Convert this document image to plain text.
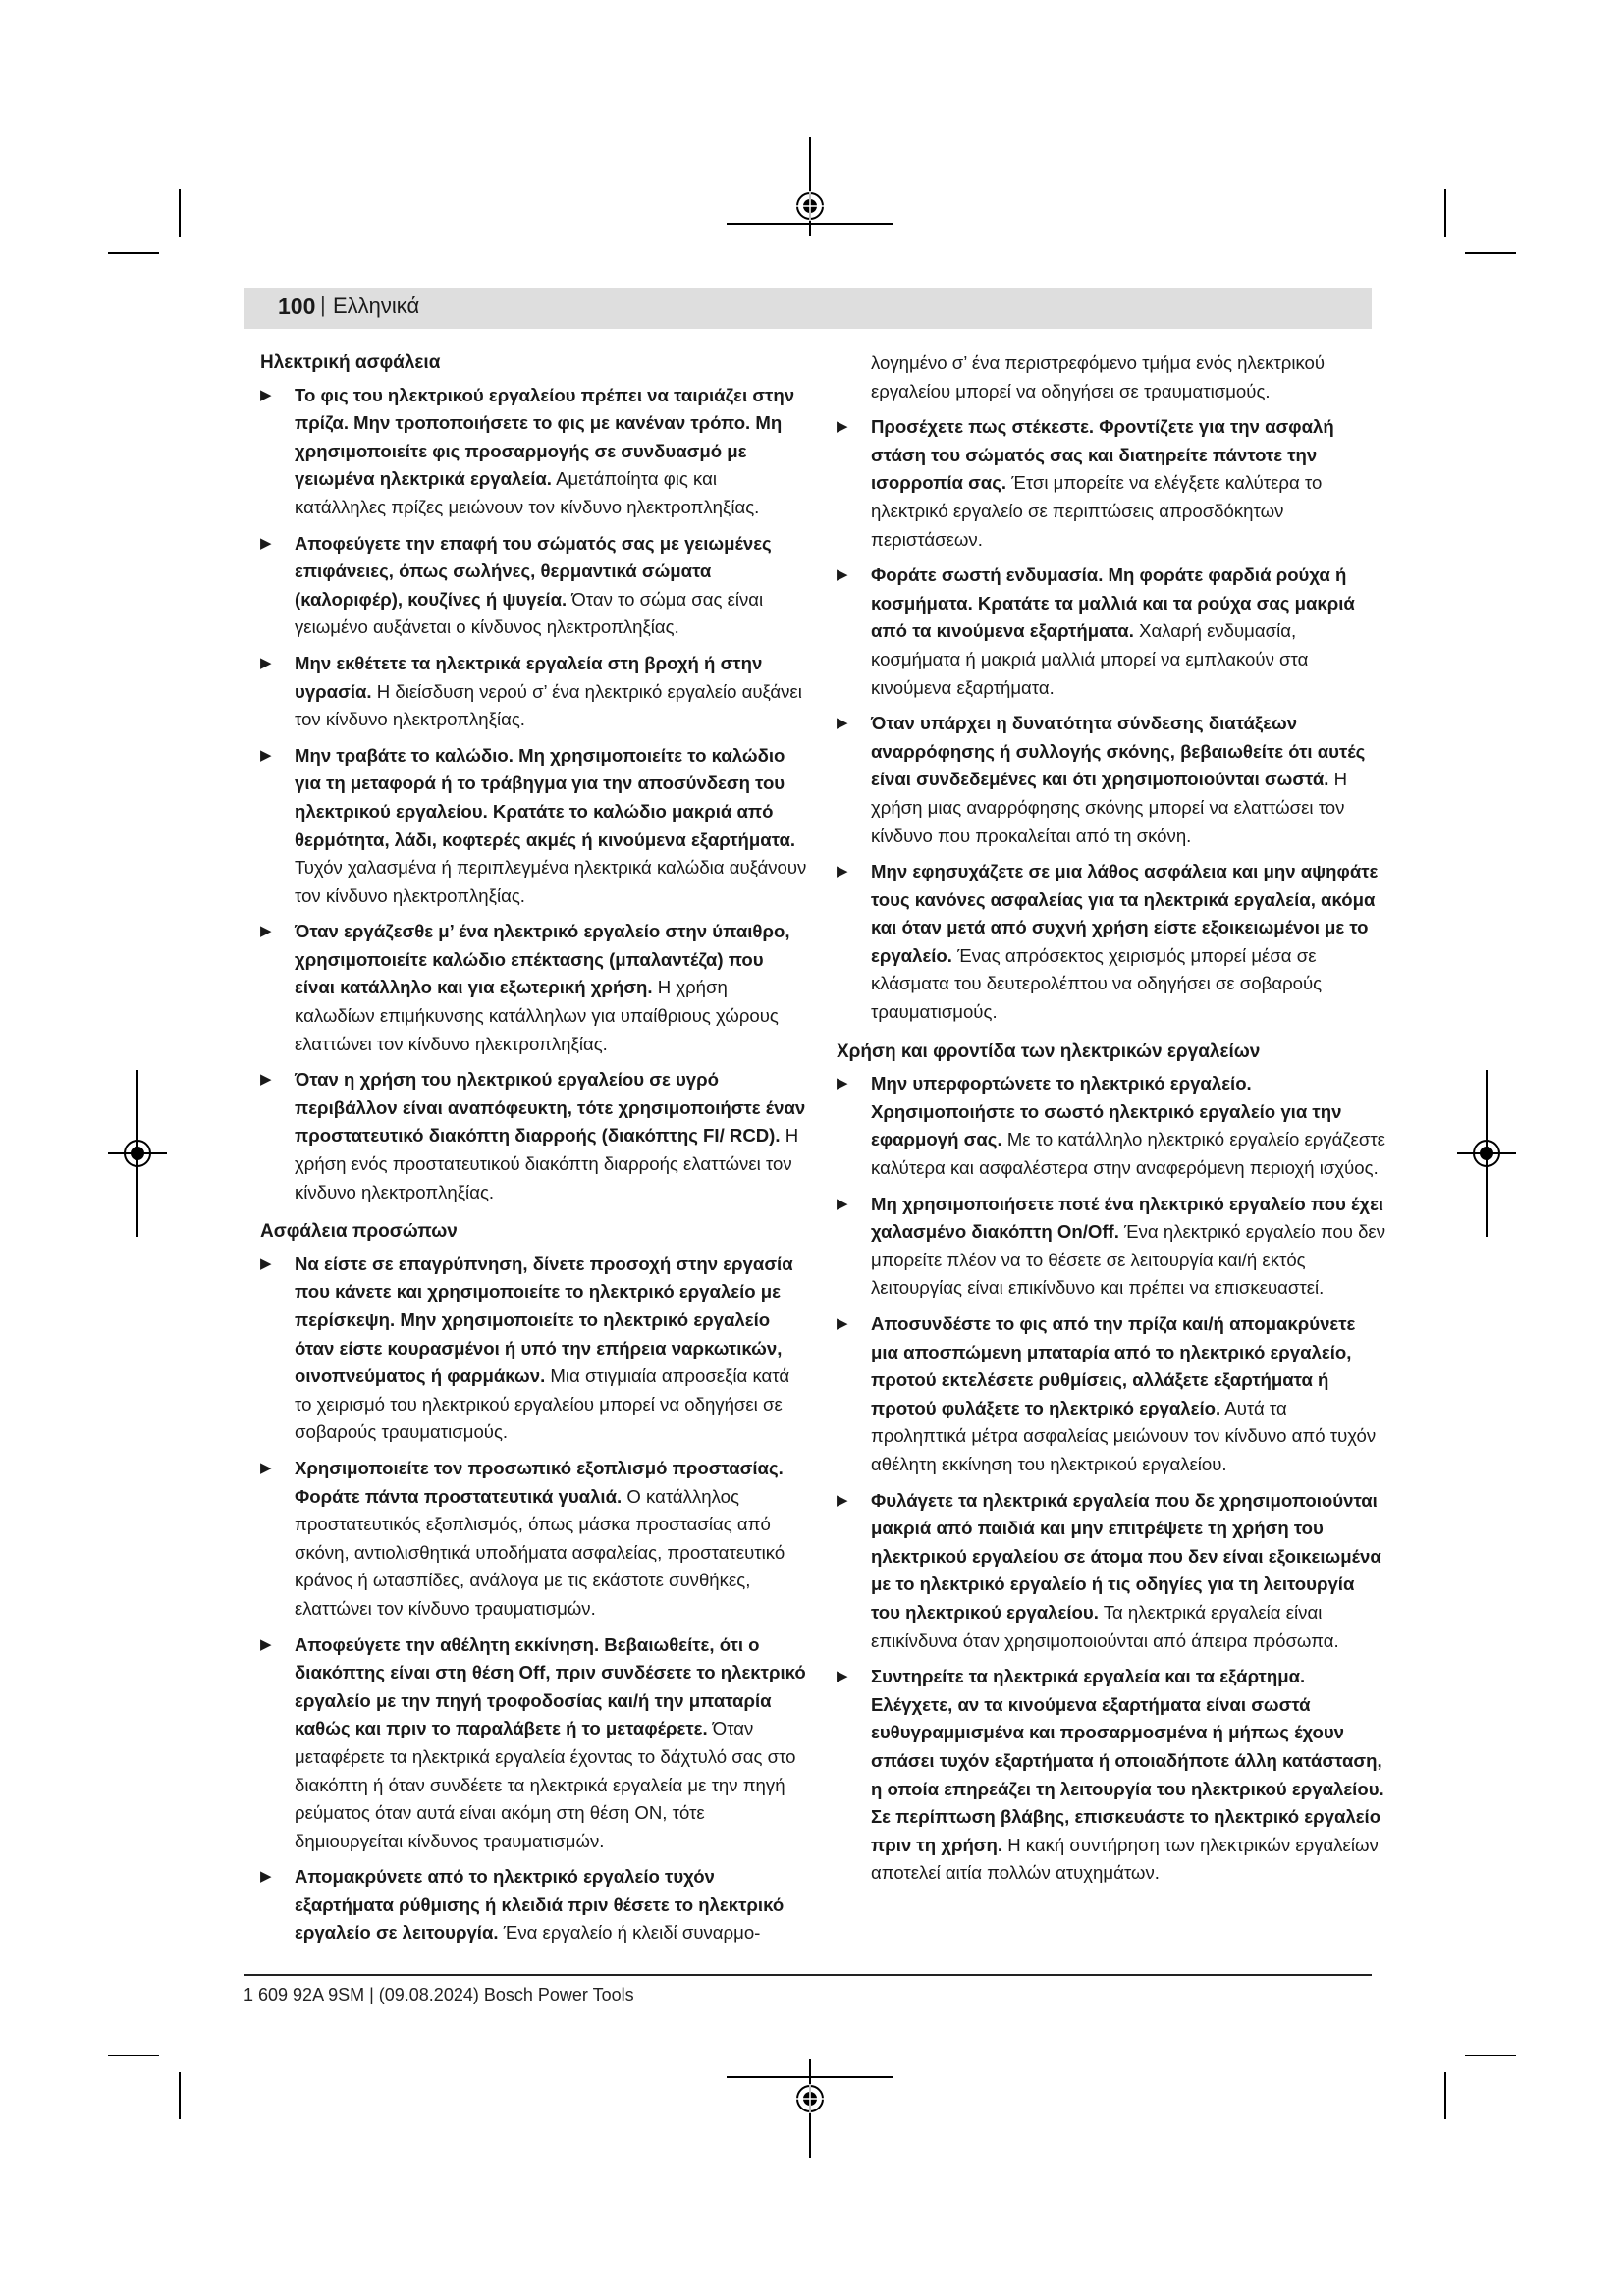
100 | Ελληνικά
Ηλεκτρική ασφάλεια
▶ Το φις του ηλεκτρικού εργαλείου πρέπει να ταιριάζει στην πρίζα. Μην τροποποιήσετε το φις με κανέναν τρόπο. Μη χρησιμοποιείτε φις προσαρμογής σε συνδυασμό με γειωμένα ηλεκτρικά εργαλεία. Αμετάποίητα φις και κατάλληλες πρίζες μειώνουν τον κίνδυνο ηλεκτροπληξίας.
▶ Αποφεύγετε την επαφή του σώματός σας με γειωμένες επιφάνειες, όπως σωλήνες, θερμαντικά σώματα (καλοριφέρ), κουζίνες ή ψυγεία. Όταν το σώμα σας είναι γειωμένο αυξάνεται ο κίνδυνος ηλεκτροπληξίας.
▶ Μην εκθέτετε τα ηλεκτρικά εργαλεία στη βροχή ή στην υγρασία. Η διείσδυση νερού σ’ ένα ηλεκτρικό εργαλείο αυξάνει τον κίνδυνο ηλεκτροπληξίας.
▶ Μην τραβάτε το καλώδιο. Μη χρησιμοποιείτε το καλώδιο για τη μεταφορά ή το τράβηγμα για την αποσύνδεση του ηλεκτρικού εργαλείου. Κρατάτε το καλώδιο μακριά από θερμότητα, λάδι, κοφτερές ακμές ή κινούμενα εξαρτήματα. Τυχόν χαλασμένα ή περιπλεγμένα ηλεκτρικά καλώδια αυξάνουν τον κίνδυνο ηλεκτροπληξίας.
▶ Όταν εργάζεσθε μ’ ένα ηλεκτρικό εργαλείο στην ύπαιθρο, χρησιμοποιείτε καλώδιο επέκτασης (μπαλαντέζα) που είναι κατάλληλο και για εξωτερική χρήση. Η χρήση καλωδίων επιμήκυνσης κατάλληλων για υπαίθριους χώρους ελαττώνει τον κίνδυνο ηλεκτροπληξίας.
▶ Όταν η χρήση του ηλεκτρικού εργαλείου σε υγρό περιβάλλον είναι αναπόφευκτη, τότε χρησιμοποιήστε έναν προστατευτικό διακόπτη διαρροής (διακόπτης FI/ RCD). Η χρήση ενός προστατευτικού διακόπτη διαρροής ελαττώνει τον κίνδυνο ηλεκτροπληξίας.
Ασφάλεια προσώπων
▶ Να είστε σε επαγρύπνηση, δίνετε προσοχή στην εργασία που κάνετε και χρησιμοποιείτε το ηλεκτρικό εργαλείο με περίσκεψη. Μην χρησιμοποιείτε το ηλεκτρικό εργαλείο όταν είστε κουρασμένοι ή υπό την επήρεια ναρκωτικών, οινοπνεύματος ή φαρμάκων. Μια στιγμιαία απροσεξία κατά το χειρισμό του ηλεκτρικού εργαλείου μπορεί να οδηγήσει σε σοβαρούς τραυματισμούς.
▶ Χρησιμοποιείτε τον προσωπικό εξοπλισμό προστασίας. Φοράτε πάντα προστατευτικά γυαλιά. Ο κατάλληλος προστατευτικός εξοπλισμός, όπως μάσκα προστασίας από σκόνη, αντιολισθητικά υποδήματα ασφαλείας, προστατευτικό κράνος ή ωτασπίδες, ανάλογα με τις εκάστοτε συνθήκες, ελαττώνει τον κίνδυνο τραυματισμών.
▶ Αποφεύγετε την αθέλητη εκκίνηση. Βεβαιωθείτε, ότι ο διακόπτης είναι στη θέση Off, πριν συνδέσετε το ηλεκτρικό εργαλείο με την πηγή τροφοδοσίας και/ή την μπαταρία καθώς και πριν το παραλάβετε ή το μεταφέρετε. Όταν μεταφέρετε τα ηλεκτρικά εργαλεία έχοντας το δάχτυλό σας στο διακόπτη ή όταν συνδέετε τα ηλεκτρικά εργαλεία με την πηγή ρεύματος όταν αυτά είναι ακόμη στη θέση ON, τότε δημιουργείται κίνδυνος τραυματισμών.
▶ Απομακρύνετε από το ηλεκτρικό εργαλείο τυχόν εξαρτήματα ρύθμισης ή κλειδιά πριν θέσετε το ηλεκτρικό εργαλείο σε λειτουργία. Ένα εργαλείο ή κλειδί συναρμο-
λογημένο σ’ ένα περιστρεφόμενο τμήμα ενός ηλεκτρικού εργαλείου μπορεί να οδηγήσει σε τραυματισμούς.
▶ Προσέχετε πως στέκεστε. Φροντίζετε για την ασφαλή στάση του σώματός σας και διατηρείτε πάντοτε την ισορροπία σας. Έτσι μπορείτε να ελέγξετε καλύτερα το ηλεκτρικό εργαλείο σε περιπτώσεις απροσδόκητων περιστάσεων.
▶ Φοράτε σωστή ενδυμασία. Μη φοράτε φαρδιά ρούχα ή κοσμήματα. Κρατάτε τα μαλλιά και τα ρούχα σας μακριά από τα κινούμενα εξαρτήματα. Χαλαρή ενδυμασία, κοσμήματα ή μακριά μαλλιά μπορεί να εμπλακούν στα κινούμενα εξαρτήματα.
▶ Όταν υπάρχει η δυνατότητα σύνδεσης διατάξεων αναρρόφησης ή συλλογής σκόνης, βεβαιωθείτε ότι αυτές είναι συνδεδεμένες και ότι χρησιμοποιούνται σωστά. Η χρήση μιας αναρρόφησης σκόνης μπορεί να ελαττώσει τον κίνδυνο που προκαλείται από τη σκόνη.
▶ Μην εφησυχάζετε σε μια λάθος ασφάλεια και μην αψηφάτε τους κανόνες ασφαλείας για τα ηλεκτρικά εργαλεία, ακόμα και όταν μετά από συχνή χρήση είστε εξοικειωμένοι με το εργαλείο. Ένας απρόσεκτος χειρισμός μπορεί μέσα σε κλάσματα του δευτερολέπτου να οδηγήσει σε σοβαρούς τραυματισμούς.
Χρήση και φροντίδα των ηλεκτρικών εργαλείων
▶ Μην υπερφορτώνετε το ηλεκτρικό εργαλείο. Χρησιμοποιήστε το σωστό ηλεκτρικό εργαλείο για την εφαρμογή σας. Με το κατάλληλο ηλεκτρικό εργαλείο εργάζεστε καλύτερα και ασφαλέστερα στην αναφερόμενη περιοχή ισχύος.
▶ Μη χρησιμοποιήσετε ποτέ ένα ηλεκτρικό εργαλείο που έχει χαλασμένο διακόπτη On/Off. Ένα ηλεκτρικό εργαλείο που δεν μπορείτε πλέον να το θέσετε σε λειτουργία και/ή εκτός λειτουργίας είναι επικίνδυνο και πρέπει να επισκευαστεί.
▶ Αποσυνδέστε το φις από την πρίζα και/ή απομακρύνετε μια αποσπώμενη μπαταρία από το ηλεκτρικό εργαλείο, προτού εκτελέσετε ρυθμίσεις, αλλάξετε εξαρτήματα ή προτού φυλάξετε το ηλεκτρικό εργαλείο. Αυτά τα προληπτικά μέτρα ασφαλείας μειώνουν τον κίνδυνο από τυχόν αθέλητη εκκίνηση του ηλεκτρικού εργαλείου.
▶ Φυλάγετε τα ηλεκτρικά εργαλεία που δε χρησιμοποιούνται μακριά από παιδιά και μην επιτρέψετε τη χρήση του ηλεκτρικού εργαλείου σε άτομα που δεν είναι εξοικειωμένα με το ηλεκτρικό εργαλείο ή τις οδηγίες για τη λειτουργία του ηλεκτρικού εργαλείου. Τα ηλεκτρικά εργαλεία είναι επικίνδυνα όταν χρησιμοποιούνται από άπειρα πρόσωπα.
▶ Συντηρείτε τα ηλεκτρικά εργαλεία και τα εξάρτημα. Ελέγχετε, αν τα κινούμενα εξαρτήματα είναι σωστά ευθυγραμμισμένα και προσαρμοσμένα ή μήπως έχουν σπάσει τυχόν εξαρτήματα ή οποιαδήποτε άλλη κατάσταση, η οποία επηρεάζει τη λειτουργία του ηλεκτρικού εργαλείου. Σε περίπτωση βλάβης, επισκευάστε το ηλεκτρικό εργαλείο πριν τη χρήση. Η κακή συντήρηση των ηλεκτρικών εργαλείων αποτελεί αιτία πολλών ατυχημάτων.
1 609 92A 9SM | (09.08.2024) Bosch Power Tools
